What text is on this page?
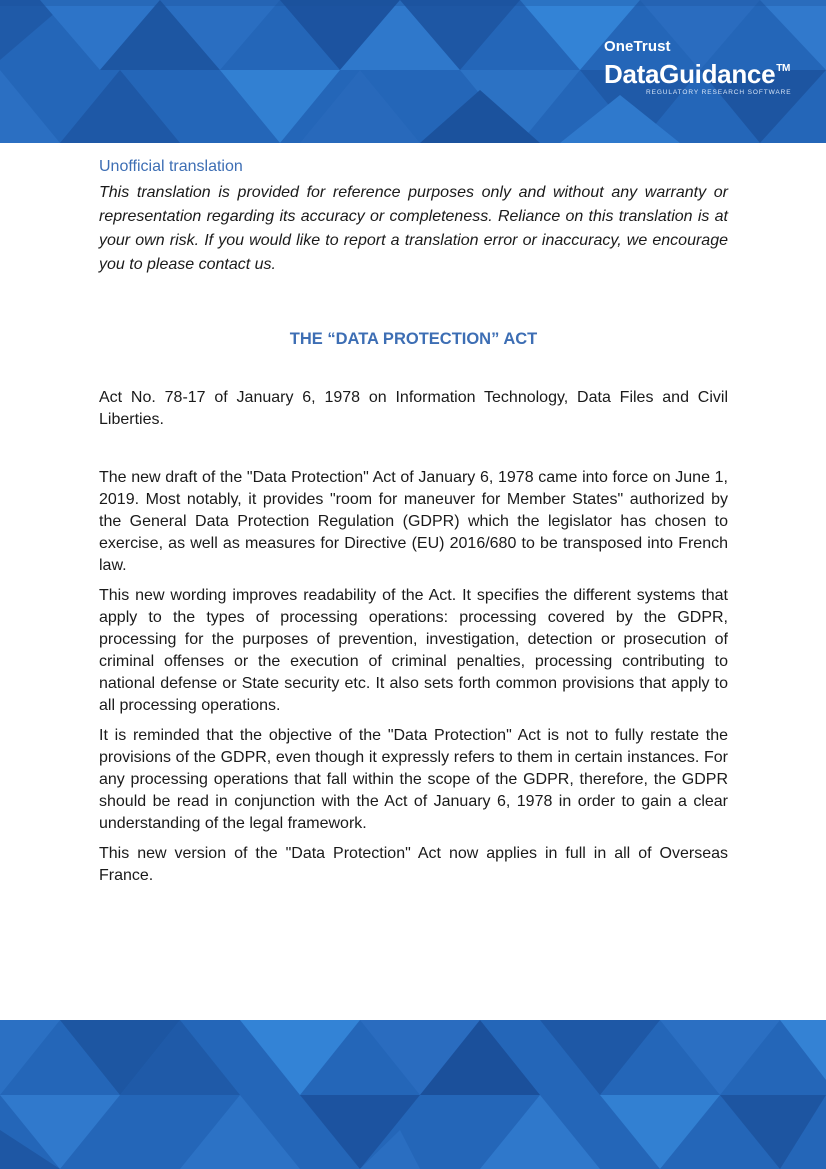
OneTrust
DataGuidance™
REGULATORY RESEARCH SOFTWARE

Unofficial translation

This translation is provided for reference purposes only and without any warranty or representation regarding its accuracy or completeness. Reliance on this translation is at your own risk. If you would like to report a translation error or inaccuracy, we encourage you to please contact us.

THE “DATA PROTECTION” ACT

Act No. 78-17 of January 6, 1978 on Information Technology, Data Files and Civil Liberties.

The new draft of the "Data Protection" Act of January 6, 1978 came into force on June 1, 2019. Most notably, it provides "room for maneuver for Member States" authorized by the General Data Protection Regulation (GDPR) which the legislator has chosen to exercise, as well as measures for Directive (EU) 2016/680 to be transposed into French law.

This new wording improves readability of the Act. It specifies the different systems that apply to the types of processing operations: processing covered by the GDPR, processing for the purposes of prevention, investigation, detection or prosecution of criminal offenses or the execution of criminal penalties, processing contributing to national defense or State security etc. It also sets forth common provisions that apply to all processing operations.

It is reminded that the objective of the "Data Protection" Act is not to fully restate the provisions of the GDPR, even though it expressly refers to them in certain instances. For any processing operations that fall within the scope of the GDPR, therefore, the GDPR should be read in conjunction with the Act of January 6, 1978 in order to gain a clear understanding of the legal framework.

This new version of the "Data Protection" Act now applies in full in all of Overseas France.
